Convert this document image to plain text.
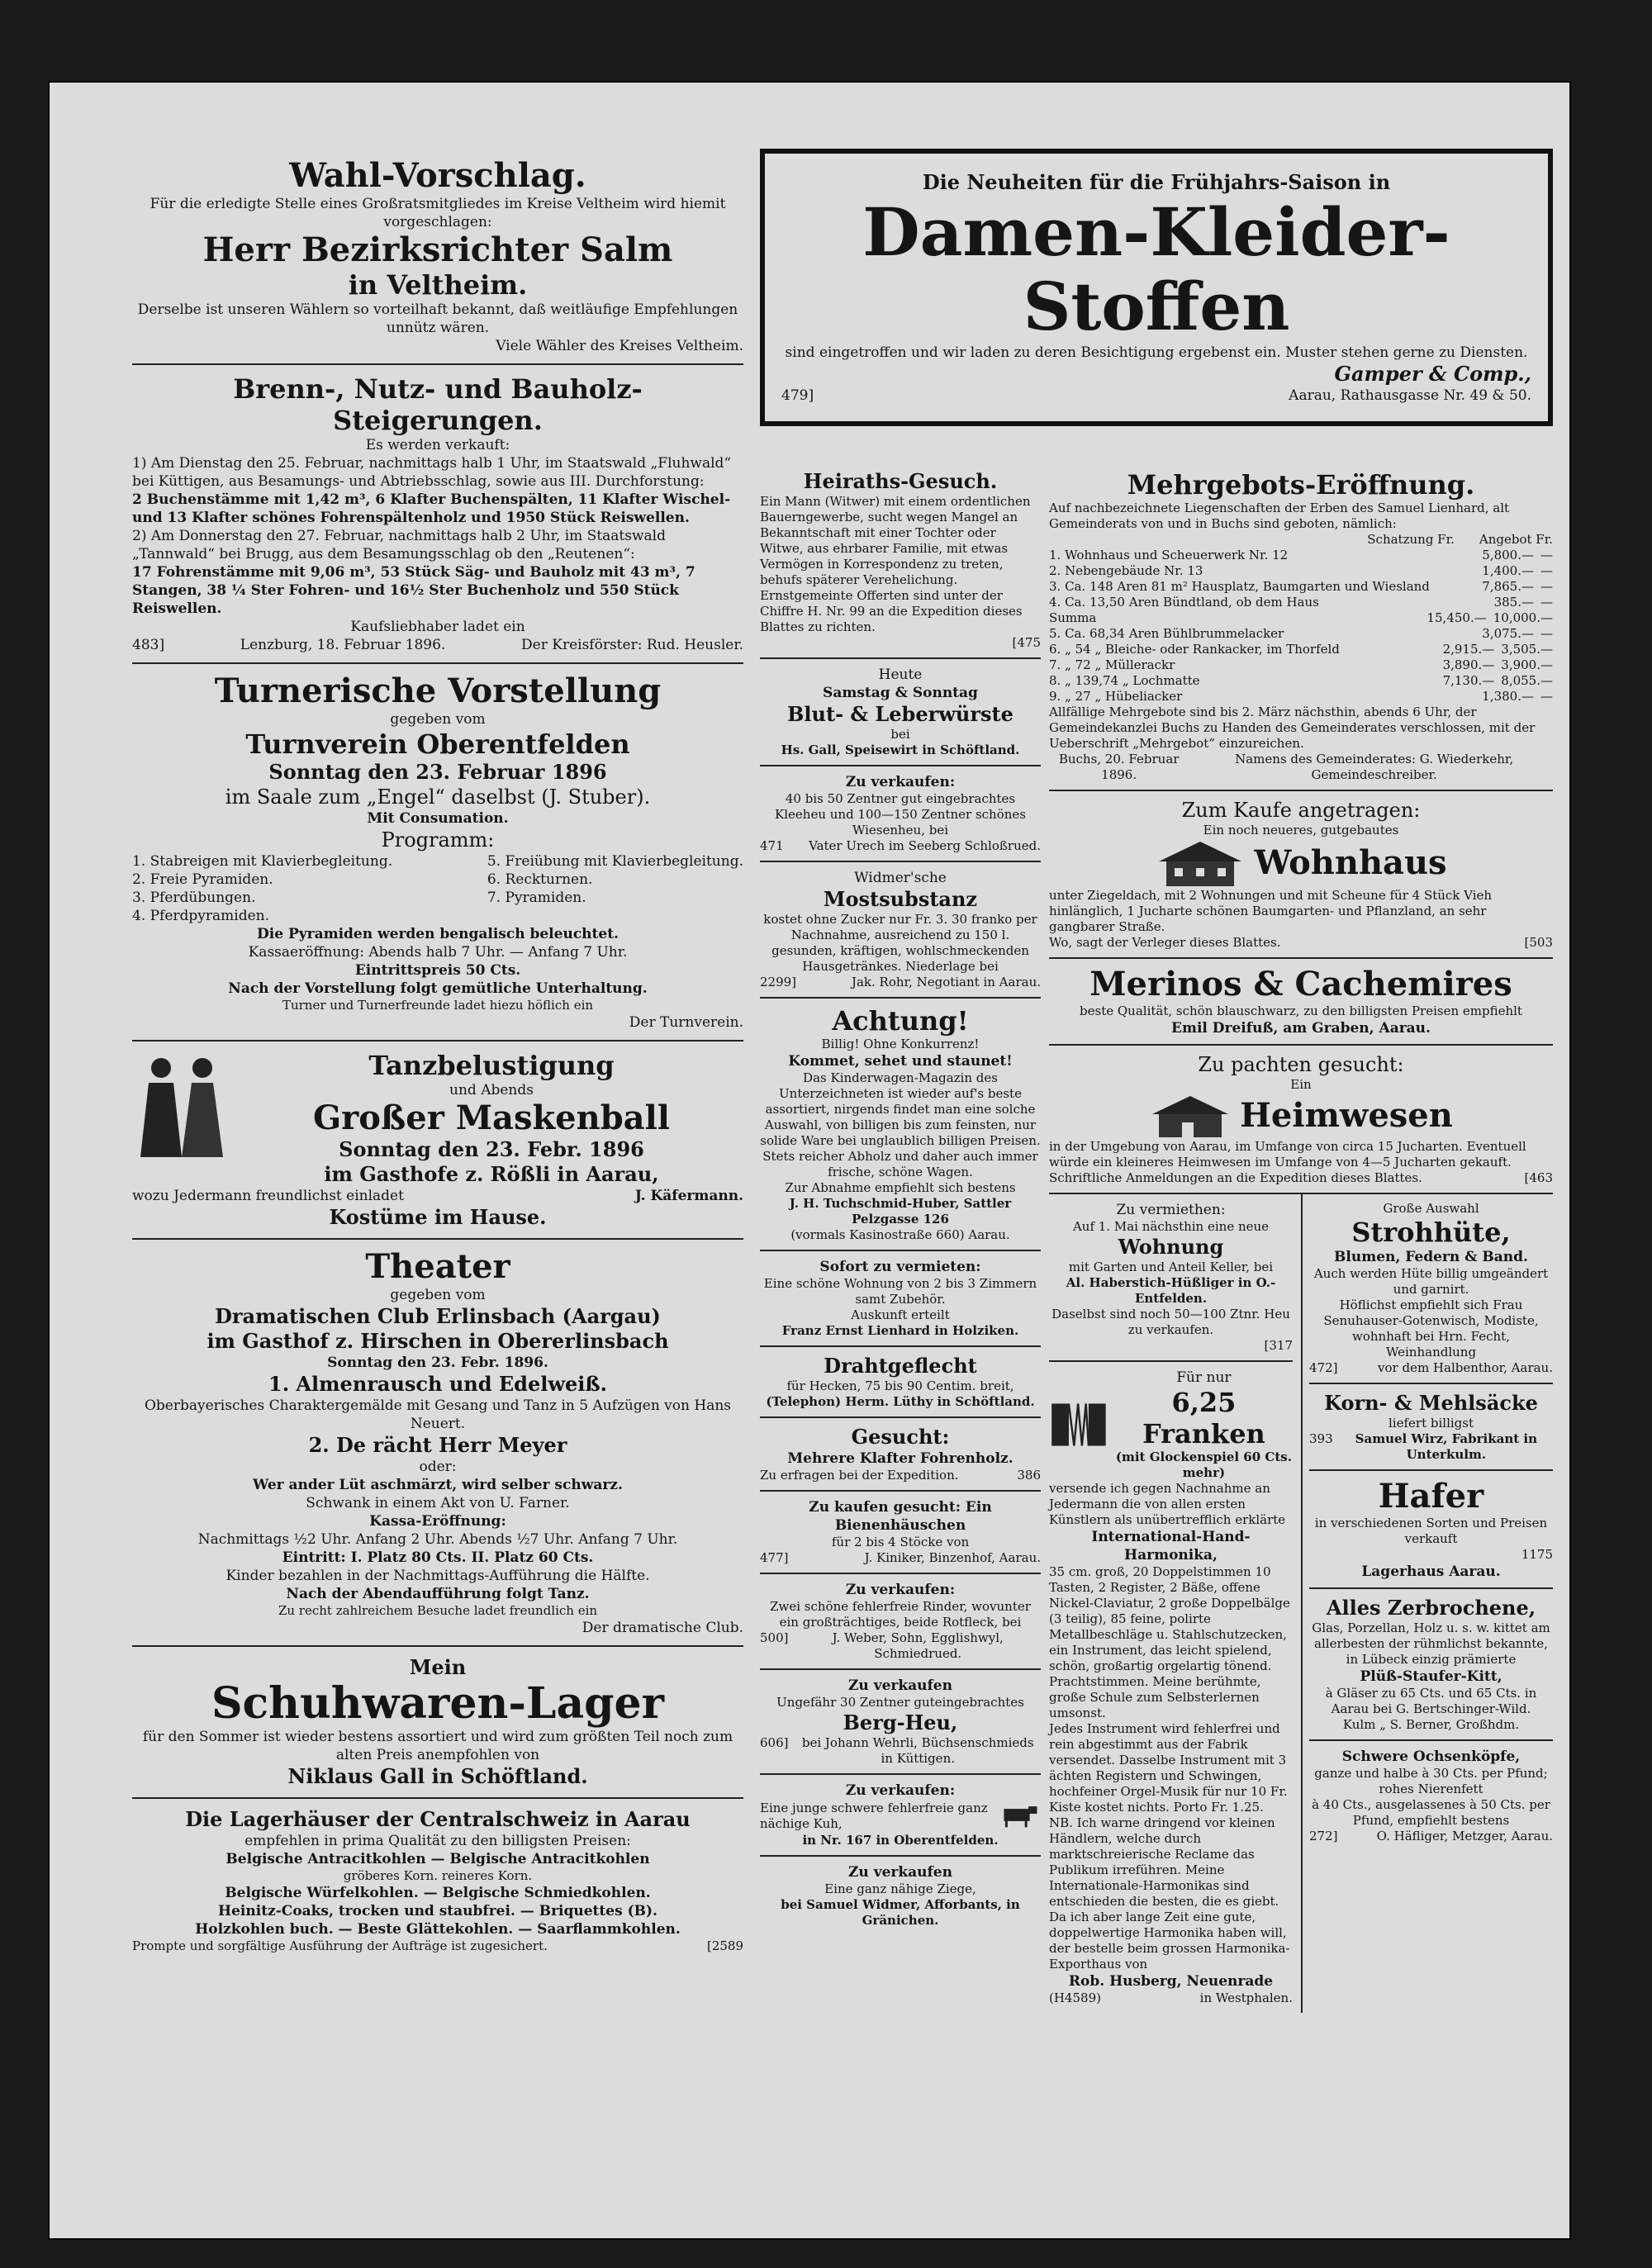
Wahl-Vorschlag.
Für die erledigte Stelle eines Großratsmitgliedes im Kreise Veltheim wird hiemit vorgeschlagen:
Herr Bezirksrichter Salm
in Veltheim.
Derselbe ist unseren Wählern so vorteilhaft bekannt, daß weitläufige Empfehlungen unnütz wären.
Viele Wähler des Kreises Veltheim.
Brenn-, Nutz- und Bauholz-Steigerungen.
Es werden verkauft:
1) Am Dienstag den 25. Februar, nachmittags halb 1 Uhr, im Staatswald „Fluhwald“ bei Küttigen, aus Besamungs- und Abtriebsschlag, sowie aus III. Durchforstung:
2 Buchenstämme mit 1,42 m³, 6 Klafter Buchenspälten, 11 Klafter Wischel- und 13 Klafter schönes Fohrenspältenholz und 1950 Stück Reiswellen.
2) Am Donnerstag den 27. Februar, nachmittags halb 2 Uhr, im Staatswald „Tannwald“ bei Brugg, aus dem Besamungsschlag ob den „Reutenen“:
17 Fohrenstämme mit 9,06 m³, 53 Stück Säg- und Bauholz mit 43 m³, 7 Stangen, 38 ¼ Ster Fohren- und 16½ Ster Buchenholz und 550 Stück Reiswellen.
Kaufsliebhaber ladet ein
483]	Lenzburg, 18. Februar 1896.	Der Kreisförster: Rud. Heusler.
Turnerische Vorstellung
gegeben vom
Turnverein Oberentfelden
Sonntag den 23. Februar 1896
im Saale zum „Engel“ daselbst (J. Stuber).
Mit Consumation.
Programm:
1. Stabreigen mit Klavierbegleitung.
2. Freie Pyramiden.
3. Pferdübungen.
4. Pferdpyramiden.
5. Freiübung mit Klavierbegleitung.
6. Reckturnen.
7. Pyramiden.
Die Pyramiden werden bengalisch beleuchtet.
Kassaeröffnung: Abends halb 7 Uhr. — Anfang 7 Uhr.
Eintrittspreis 50 Cts.
Nach der Vorstellung folgt gemütliche Unterhaltung.
Turner und Turnerfreunde ladet hiezu höflich ein
Der Turnverein.
Tanzbelustigung
und Abends
Großer Maskenball
Sonntag den 23. Febr. 1896
im Gasthofe z. Rößli in Aarau,
wozu Jedermann freundlichst einladet	J. Käfermann.
Kostüme im Hause.
Theater
gegeben vom
Dramatischen Club Erlinsbach (Aargau)
im Gasthof z. Hirschen in Obererlinsbach
Sonntag den 23. Febr. 1896.
1. Almenrausch und Edelweiß.
Oberbayerisches Charaktergemälde mit Gesang und Tanz in 5 Aufzügen von Hans Neuert.
2. De rächt Herr Meyer
oder:
Wer ander Lüt aschmärzt, wird selber schwarz.
Schwank in einem Akt von U. Farner.
Kassa-Eröffnung:
Nachmittags ½2 Uhr. Anfang 2 Uhr. Abends ½7 Uhr. Anfang 7 Uhr.
Eintritt: I. Platz 80 Cts. II. Platz 60 Cts.
Kinder bezahlen in der Nachmittags-Aufführung die Hälfte.
Nach der Abendaufführung folgt Tanz.
Zu recht zahlreichem Besuche ladet freundlich ein
Der dramatische Club.
Mein
Schuhwaren-Lager
für den Sommer ist wieder bestens assortiert und wird zum größten Teil noch zum alten Preis anempfohlen von
Niklaus Gall in Schöftland.
Die Lagerhäuser der Centralschweiz in Aarau
empfehlen in prima Qualität zu den billigsten Preisen:
Belgische Antracitkohlen — Belgische Antracitkohlen
gröberes Korn. reineres Korn.
Belgische Würfelkohlen. — Belgische Schmiedkohlen.
Heinitz-Coaks, trocken und staubfrei. — Briquettes (B).
Holzkohlen buch. — Beste Glättekohlen. — Saarflammkohlen.
Prompte und sorgfältige Ausführung der Aufträge ist zugesichert.	[2589
Heiraths-Gesuch.
Ein Mann (Witwer) mit einem ordentlichen Bauerngewerbe, sucht wegen Mangel an Bekanntschaft mit einer Tochter oder Witwe, aus ehrbarer Familie, mit etwas Vermögen in Korrespondenz zu treten, behufs späterer Verehelichung.
Ernstgemeinte Offerten sind unter der Chiffre H. Nr. 99 an die Expedition dieses Blattes zu richten.
[475
Heute
Samstag & Sonntag
Blut- & Leberwürste
bei
Hs. Gall, Speisewirt in Schöftland.
Zu verkaufen:
40 bis 50 Zentner gut eingebrachtes Kleeheu und 100—150 Zentner schönes Wiesenheu, bei
471 Vater Urech im Seeberg Schloßrued.
Widmer'sche
Mostsubstanz
kostet ohne Zucker nur Fr. 3. 30 franko per Nachnahme, ausreichend zu 150 l. gesunden, kräftigen, wohlschmeckenden Hausgetränkes. Niederlage bei
2299]	Jak. Rohr, Negotiant in Aarau.
Achtung!
Billig! Ohne Konkurrenz!
Kommet, sehet und staunet!
Das Kinderwagen-Magazin des Unterzeichneten ist wieder auf's beste assortiert, nirgends findet man eine solche Auswahl, von billigen bis zum feinsten, nur solide Ware bei unglaublich billigen Preisen.
Stets reicher Abholz und daher auch immer frische, schöne Wagen.
Zur Abnahme empfiehlt sich bestens
J. H. Tuchschmid-Huber, Sattler Pelzgasse 126
(vormals Kasinostraße 660) Aarau.
Sofort zu vermieten:
Eine schöne Wohnung von 2 bis 3 Zimmern samt Zubehör.
Auskunft erteilt
Franz Ernst Lienhard in Holziken.
Drahtgeflecht
für Hecken, 75 bis 90 Centim. breit,
(Telephon) Herm. Lüthy in Schöftland.
Gesucht:
Mehrere Klafter Fohrenholz.
Zu erfragen bei der Expedition.	386
Zu kaufen gesucht: Ein
Bienenhäuschen
für 2 bis 4 Stöcke von
477]	J. Kiniker, Binzenhof, Aarau.
Zu verkaufen:
Zwei schöne fehlerfreie Rinder, wovunter ein großträchtiges, beide Rotfleck, bei
500]	J. Weber, Sohn, Egglishwyl, Schmiedrued.
Zu verkaufen
Ungefähr 30 Zentner guteingebrachtes
Berg-Heu,
606]	bei Johann Wehrli, Büchsenschmieds in Küttigen.
Zu verkaufen:
Eine junge schwere fehlerfreie ganz nächige Kuh,
in Nr. 167 in Oberentfelden.
Zu verkaufen
Eine ganz nähige Ziege,
bei Samuel Widmer, Afforbants, in Gränichen.
Die Neuheiten für die Frühjahrs-Saison in
Damen-Kleider-Stoffen
sind eingetroffen und wir laden zu deren Besichtigung ergebenst ein. Muster stehen gerne zu Diensten.
Gamper & Comp.,
479]	Aarau, Rathausgasse Nr. 49 & 50.
Mehrgebots-Eröffnung.
Auf nachbezeichnete Liegenschaften der Erben des Samuel Lienhard, alt Gemeinderats von und in Buchs sind geboten, nämlich:
Schatzung Fr. Angebot Fr.
1. Wohnhaus und Scheuerwerk Nr. 12	5,800.— —
2. Nebengebäude Nr. 13	1,400.— —
3. Ca. 148 Aren 81 m² Hausplatz, Baumgarten und Wiesland	7,865.— —
4. Ca. 13,50 Aren Bündtland, ob dem Haus	385.— —
Summa	15,450.— 10,000.—
5. Ca. 68,34 Aren Bühlbrummelacker	3,075.— —
6. „ 54 „ Bleiche- oder Rankacker, im Thorfeld	2,915.— 3,505.—
7. „ 72 „ Müllerackr	3,890.— 3,900.—
8. „ 139,74 „ Lochmatte	7,130.— 8,055.—
9. „ 27 „ Hübeliacker	1,380.— —
Allfällige Mehrgebote sind bis 2. März nächsthin, abends 6 Uhr, der Gemeindekanzlei Buchs zu Handen des Gemeinderates verschlossen, mit der Ueberschrift „Mehrgebot“ einzureichen.
Buchs, 20. Februar 1896.
Namens des Gemeinderates: G. Wiederkehr, Gemeindeschreiber.
Zum Kaufe angetragen:
Ein noch neueres, gutgebautes
Wohnhaus
unter Ziegeldach, mit 2 Wohnungen und mit Scheune für 4 Stück Vieh hinlänglich, 1 Jucharte schönen Baumgarten- und Pflanzland, an sehr gangbarer Straße.
Wo, sagt der Verleger dieses Blattes.	[503
Merinos & Cachemires
beste Qualität, schön blauschwarz, zu den billigsten Preisen empfiehlt
Emil Dreifuß, am Graben, Aarau.
Zu pachten gesucht:
Ein
Heimwesen
in der Umgebung von Aarau, im Umfange von circa 15 Jucharten. Eventuell würde ein kleineres Heimwesen im Umfange von 4—5 Jucharten gekauft.
Schriftliche Anmeldungen an die Expedition dieses Blattes.	[463
Zu vermiethen:
Auf 1. Mai nächsthin eine neue
Wohnung
mit Garten und Anteil Keller, bei
Al. Haberstich-Hüßliger in O.-Entfelden.
Daselbst sind noch 50—100 Ztnr. Heu zu verkaufen.
[317
Für nur
6,25 Franken
(mit Glockenspiel 60 Cts. mehr)
versende ich gegen Nachnahme an Jedermann die von allen ersten Künstlern als unübertrefflich erklärte
International-Hand-Harmonika,
35 cm. groß, 20 Doppelstimmen 10 Tasten, 2 Register, 2 Bäße, offene Nickel-Claviatur, 2 große Doppelbälge (3 teilig), 85 feine, polirte Metallbeschläge u. Stahlschutzecken, ein Instrument, das leicht spielend, schön, großartig orgelartig tönend. Prachtstimmen. Meine berühmte, große Schule zum Selbsterlernen umsonst.
Jedes Instrument wird fehlerfrei und rein abgestimmt aus der Fabrik versendet. Dasselbe Instrument mit 3 ächten Registern und Schwingen, hochfeiner Orgel-Musik für nur 10 Fr. Kiste kostet nichts. Porto Fr. 1.25.
NB. Ich warne dringend vor kleinen Händlern, welche durch marktschreierische Reclame das Publikum irreführen. Meine Internationale-Harmonikas sind entschieden die besten, die es giebt.
Da ich aber lange Zeit eine gute, doppelwertige Harmonika haben will, der bestelle beim grossen Harmonika-Exporthaus von
Rob. Husberg, Neuenrade
(H4589)	in Westphalen.
Große Auswahl
Strohhüte,
Blumen, Federn & Band.
Auch werden Hüte billig umgeändert und garnirt.
Höflichst empfiehlt sich Frau Senuhauser-Gotenwisch, Modiste, wohnhaft bei Hrn. Fecht, Weinhandlung
472]	vor dem Halbenthor, Aarau.
Korn- & Mehlsäcke
liefert billigst
393	Samuel Wirz, Fabrikant in Unterkulm.
Hafer
in verschiedenen Sorten und Preisen verkauft
1175
Lagerhaus Aarau.
Alles Zerbrochene,
Glas, Porzellan, Holz u. s. w. kittet am allerbesten der rühmlichst bekannte, in Lübeck einzig prämierte
Plüß-Staufer-Kitt,
à Gläser zu 65 Cts. und 65 Cts. in
Aarau bei G. Bertschinger-Wild.
Kulm „ S. Berner, Großhdm.
Schwere Ochsenköpfe,
ganze und halbe à 30 Cts. per Pfund; rohes Nierenfett
à 40 Cts., ausgelassenes à 50 Cts. per Pfund, empfiehlt bestens
272]	O. Häfliger, Metzger, Aarau.
